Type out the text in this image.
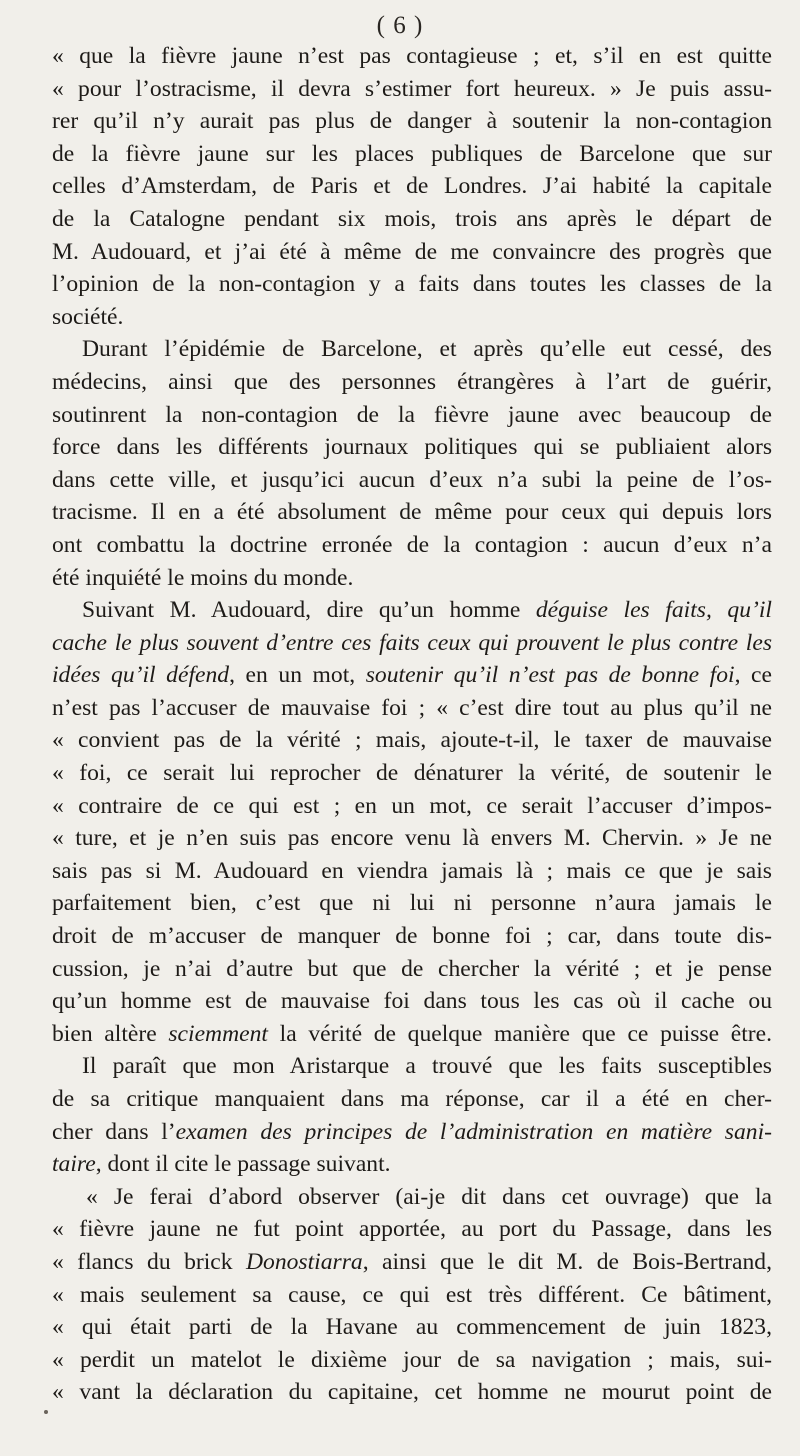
( 6 )
« que la fièvre jaune n’est pas contagieuse ; et, s’il en est quitte
« pour l’ostracisme, il devra s’estimer fort heureux. » Je puis assu-
rer qu’il n’y aurait pas plus de danger à soutenir la non-contagion
de la fièvre jaune sur les places publiques de Barcelone que sur
celles d’Amsterdam, de Paris et de Londres. J’ai habité la capitale
de la Catalogne pendant six mois, trois ans après le départ de
M. Audouard, et j’ai été à même de me convaincre des progrès que
l’opinion de la non-contagion y a faits dans toutes les classes de la
société.
Durant l’épidémie de Barcelone, et après qu’elle eut cessé, des
médecins, ainsi que des personnes étrangères à l’art de guérir,
soutinrent la non-contagion de la fièvre jaune avec beaucoup de
force dans les différents journaux politiques qui se publiaient alors
dans cette ville, et jusqu’ici aucun d’eux n’a subi la peine de l’os-
tracisme. Il en a été absolument de même pour ceux qui depuis lors
ont combattu la doctrine erronée de la contagion : aucun d’eux n’a
été inquiété le moins du monde.
Suivant M. Audouard, dire qu’un homme déguise les faits, qu’il
cache le plus souvent d’entre ces faits ceux qui prouvent le plus contre les
idées qu’il défend, en un mot, soutenir qu’il n’est pas de bonne foi, ce
n’est pas l’accuser de mauvaise foi ; « c’est dire tout au plus qu’il ne
« convient pas de la vérité ; mais, ajoute-t-il, le taxer de mauvaise
« foi, ce serait lui reprocher de dénaturer la vérité, de soutenir le
« contraire de ce qui est ; en un mot, ce serait l’accuser d’impos-
« ture, et je n’en suis pas encore venu là envers M. Chervin. » Je ne
sais pas si M. Audouard en viendra jamais là ; mais ce que je sais
parfaitement bien, c’est que ni lui ni personne n’aura jamais le
droit de m’accuser de manquer de bonne foi ; car, dans toute dis-
cussion, je n’ai d’autre but que de chercher la vérité ; et je pense
qu’un homme est de mauvaise foi dans tous les cas où il cache ou
bien altère sciemment la vérité de quelque manière que ce puisse être.
Il paraît que mon Aristarque a trouvé que les faits susceptibles
de sa critique manquaient dans ma réponse, car il a été en cher-
cher dans l’examen des principes de l’administration en matière sani-
taire, dont il cite le passage suivant.
« Je ferai d’abord observer (ai-je dit dans cet ouvrage) que la
« fièvre jaune ne fut point apportée, au port du Passage, dans les
« flancs du brick Donostiarra, ainsi que le dit M. de Bois-Bertrand,
« mais seulement sa cause, ce qui est très différent. Ce bâtiment,
« qui était parti de la Havane au commencement de juin 1823,
« perdit un matelot le dixième jour de sa navigation ; mais, sui-
« vant la déclaration du capitaine, cet homme ne mourut point de
